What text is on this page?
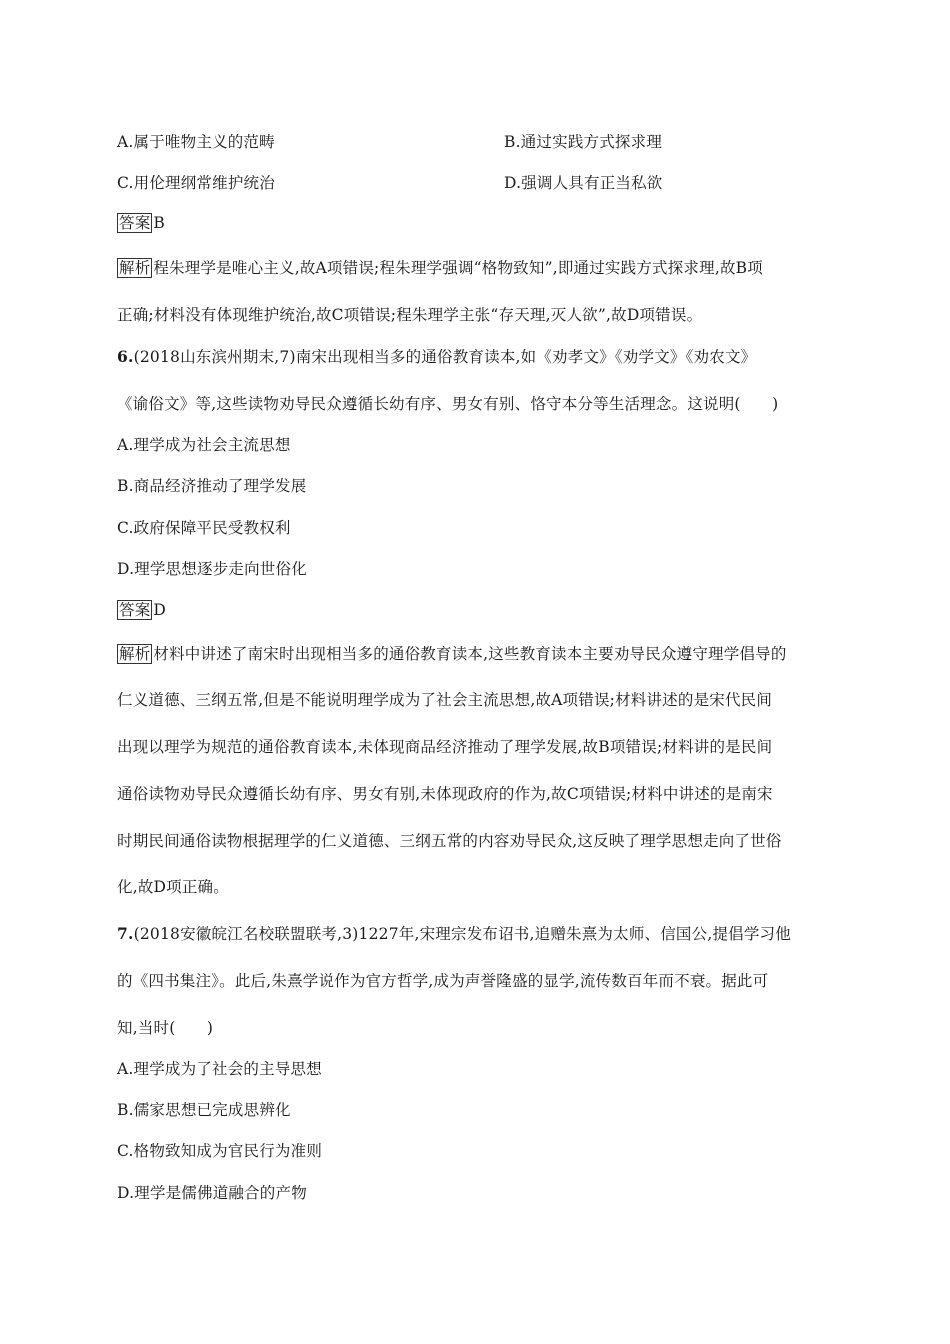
A.属于唯物主义的范畴	B.通过实践方式探求理
C.用伦理纲常维护统治	D.强调人具有正当私欲
答案 B
解析 程朱理学是唯心主义,故A项错误;程朱理学强调“格物致知”,即通过实践方式探求理,故B项
正确;材料没有体现维护统治,故C项错误;程朱理学主张“存天理,灭人欲”,故D项错误。
6.(2018山东滨州期末,7)南宋出现相当多的通俗教育读本,如《劝孝文》《劝学文》《劝农文》
《谕俗文》等,这些读物劝导民众遵循长幼有序、男女有别、恪守本分等生活理念。这说明(　　)
A.理学成为社会主流思想
B.商品经济推动了理学发展
C.政府保障平民受教权利
D.理学思想逐步走向世俗化
答案 D
解析 材料中讲述了南宋时出现相当多的通俗教育读本,这些教育读本主要劝导民众遵守理学倡导的
仁义道德、三纲五常,但是不能说明理学成为了社会主流思想,故A项错误;材料讲述的是宋代民间
出现以理学为规范的通俗教育读本,未体现商品经济推动了理学发展,故B项错误;材料讲的是民间
通俗读物劝导民众遵循长幼有序、男女有别,未体现政府的作为,故C项错误;材料中讲述的是南宋
时期民间通俗读物根据理学的仁义道德、三纲五常的内容劝导民众,这反映了理学思想走向了世俗
化,故D项正确。
7.(2018安徽皖江名校联盟联考,3)1227年,宋理宗发布诏书,追赠朱熹为太师、信国公,提倡学习他
的《四书集注》。此后,朱熹学说作为官方哲学,成为声誉隆盛的显学,流传数百年而不衰。据此可
知,当时(　　)
A.理学成为了社会的主导思想
B.儒家思想已完成思辨化
C.格物致知成为官民行为准则
D.理学是儒佛道融合的产物
